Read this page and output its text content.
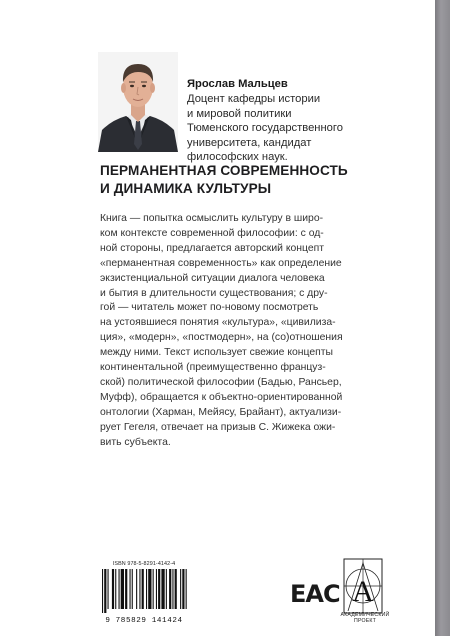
Ярослав Мальцев
Доцент кафедры истории
и мировой политики
Тюменского государственного
университета, кандидат
философских наук.
ПЕРМАНЕНТНАЯ СОВРЕМЕННОСТЬ
И ДИНАМИКА КУЛЬТУРЫ
Книга — попытка осмыслить культуру в широ-
ком контексте современной философии: с од-
ной стороны, предлагается авторский концепт
«перманентная современность» как определение
экзистенциальной ситуации диалога человека
и бытия в длительности существования; с дру-
гой — читатель может по-новому посмотреть
на устоявшиеся понятия «культура», «цивилиза-
ция», «модерн», «постмодерн», на (со)отношения
между ними. Текст использует свежие концепты
континентальной (преимущественно француз-
ской) политической философии (Бадью, Рансьер,
Муфф), обращается к объектно-ориентированной
онтологии (Харман, Мейясу, Брайант), актуализи-
рует Гегеля, отвечает на призыв С. Жижека ожи-
вить субъекта.
ISBN 978-5-8291-4142-4
9 785829 141424
EAC А
АКАДЕМИЧЕСКИЙ
ПРОЕКТ
